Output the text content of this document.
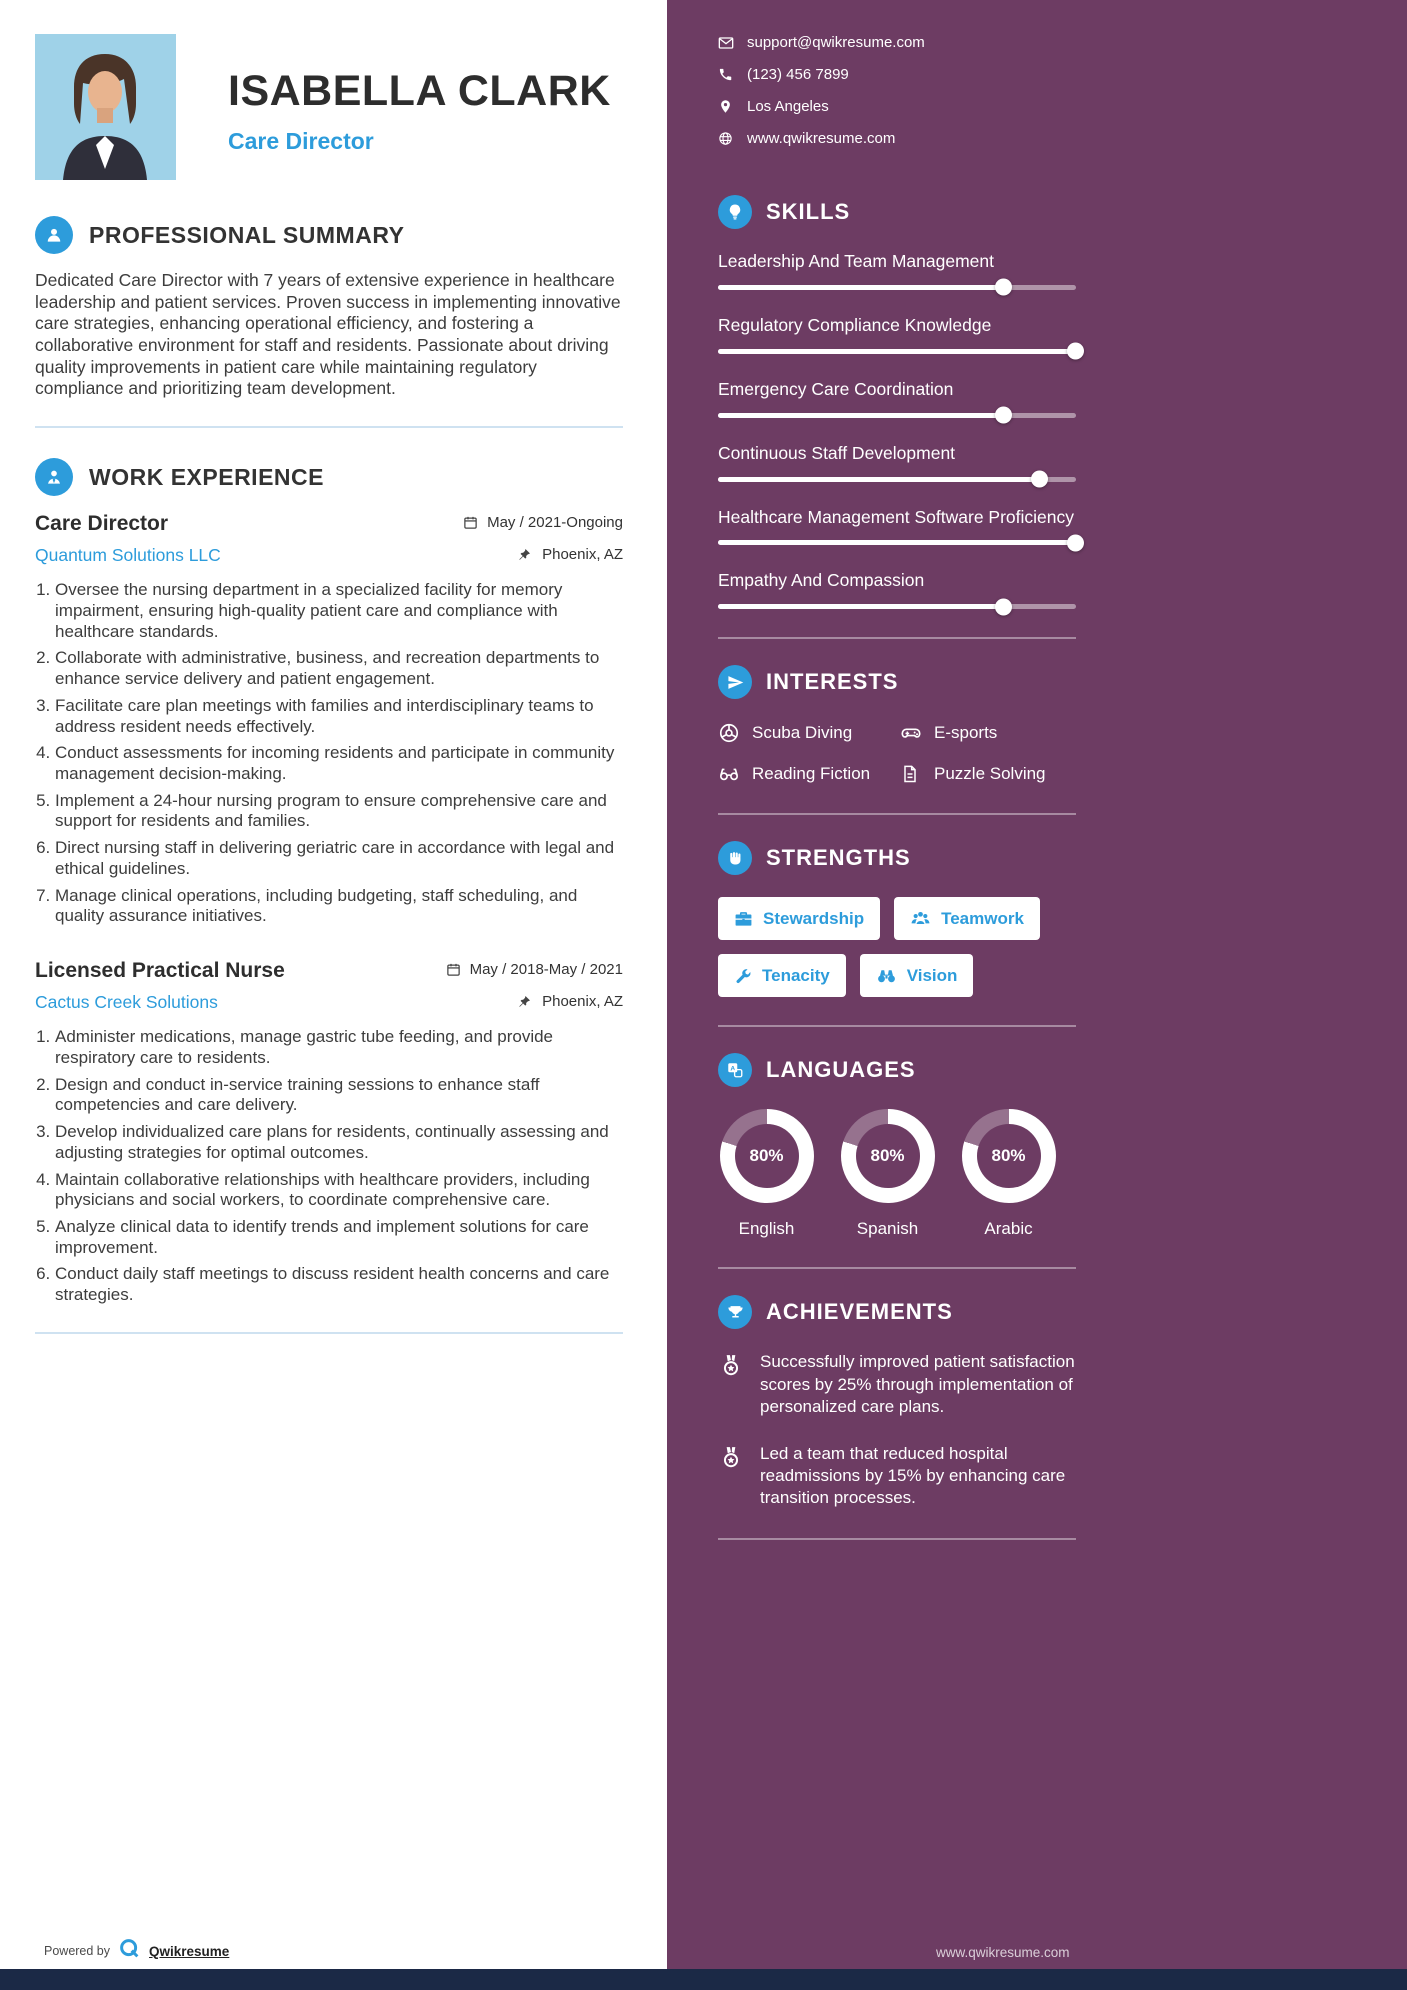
ISABELLA CLARK
Care Director
PROFESSIONAL SUMMARY

Dedicated Care Director with 7 years of extensive experience in healthcare leadership and patient services. Proven success in implementing innovative care strategies, enhancing operational efficiency, and fostering a collaborative environment for staff and residents. Passionate about driving quality improvements in patient care while maintaining regulatory compliance and prioritizing team development.

WORK EXPERIENCE
Care Director	May / 2021-Ongoing
Quantum Solutions LLC	Phoenix, AZ
1. Oversee the nursing department in a specialized facility for memory impairment, ensuring high-quality patient care and compliance with healthcare standards.
2. Collaborate with administrative, business, and recreation departments to enhance service delivery and patient engagement.
3. Facilitate care plan meetings with families and interdisciplinary teams to address resident needs effectively.
4. Conduct assessments for incoming residents and participate in community management decision-making.
5. Implement a 24-hour nursing program to ensure comprehensive care and support for residents and families.
6. Direct nursing staff in delivering geriatric care in accordance with legal and ethical guidelines.
7. Manage clinical operations, including budgeting, staff scheduling, and quality assurance initiatives.
Licensed Practical Nurse	May / 2018-May / 2021
Cactus Creek Solutions	Phoenix, AZ
1. Administer medications, manage gastric tube feeding, and provide respiratory care to residents.
2. Design and conduct in-service training sessions to enhance staff competencies and care delivery.
3. Develop individualized care plans for residents, continually assessing and adjusting strategies for optimal outcomes.
4. Maintain collaborative relationships with healthcare providers, including physicians and social workers, to coordinate comprehensive care.
5. Analyze clinical data to identify trends and implement solutions for care improvement.
6. Conduct daily staff meetings to discuss resident health concerns and care strategies.
Powered by	Qwikresume
support@qwikresume.com
(123) 456 7899
Los Angeles
www.qwikresume.com
SKILLS
Leadership And Team Management
Regulatory Compliance Knowledge
Emergency Care Coordination
Continuous Staff Development
Healthcare Management Software Proficiency
Empathy And Compassion
INTERESTS
Scuba Diving	E-sports
Reading Fiction	Puzzle Solving
STRENGTHS
Stewardship	Teamwork
Tenacity	Vision
A LANGUAGES
80%
English
80%
Spanish
80%
Arabic
ACHIEVEMENTS
Successfully improved patient satisfaction scores by 25% through implementation of personalized care plans.
Led a team that reduced hospital readmissions by 15% by enhancing care transition processes.
www.qwikresume.com
